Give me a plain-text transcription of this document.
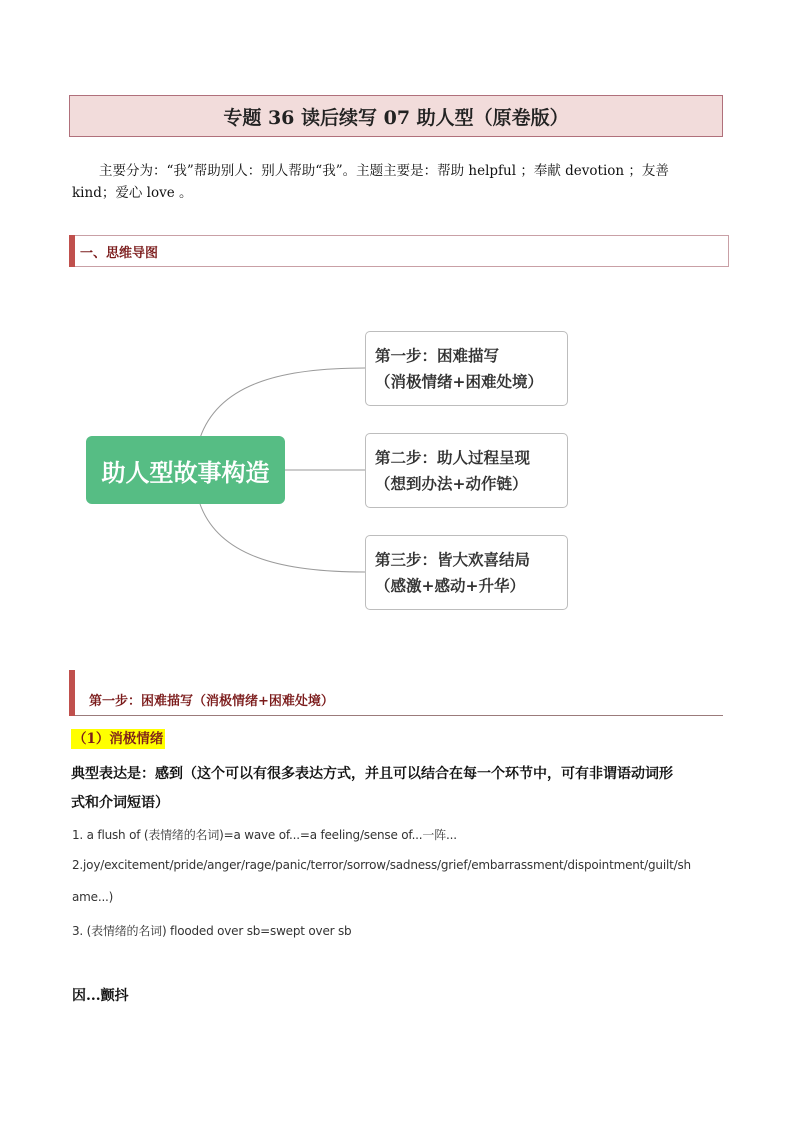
专题 36 读后续写 07 助人型（原卷版）
主要分为：“我”帮助别人：别人帮助“我”。主题主要是：帮助 helpful ；奉献 devotion ；友善
kind；爱心 love 。
一、思维导图
助人型故事构造
第一步：困难描写
（消极情绪+困难处境）
第二步：助人过程呈现
（想到办法+动作链）
第三步：皆大欢喜结局
（感激+感动+升华）
第一步：困难描写（消极情绪+困难处境）
（1）消极情绪
典型表达是：感到（这个可以有很多表达方式，并且可以结合在每一个环节中，可有非谓语动词形
式和介词短语）
1. a flush of (表情绪的名词)=a wave of...=a feeling/sense of...一阵...
2.joy/excitement/pride/anger/rage/panic/terror/sorrow/sadness/grief/embarrassment/dispointment/guilt/sh
ame...)
3. (表情绪的名词) flooded over sb=swept over sb
因...颤抖
